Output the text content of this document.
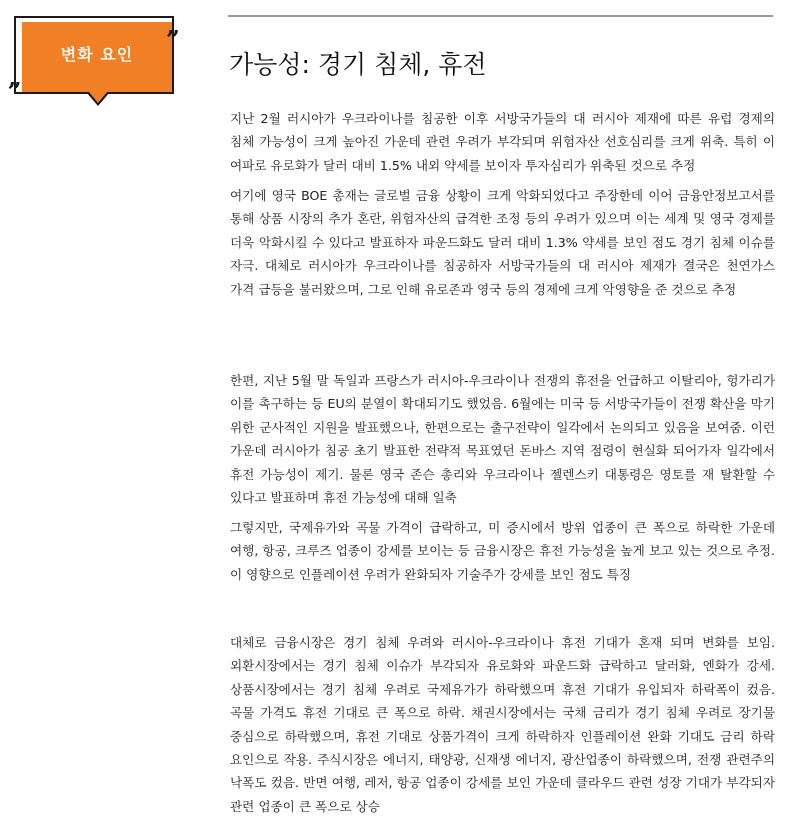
변화 요인
”
„	가능성: 경기 침체, 휴전

지난 2월 러시아가 우크라이나를 침공한 이후 서방국가들의 대 러시아 제재에 따른 유럽 경제의 침체 가능성이 크게 높아진 가운데 관련 우려가 부각되며 위험자산 선호심리를 크게 위축. 특히 이 여파로 유로화가 달러 대비 1.5% 내외 약세를 보이자 투자심리가 위축된 것으로 추정

여기에 영국 BOE 총재는 글로벌 금융 상황이 크게 악화되었다고 주장한데 이어 금융안정보고서를 통해 상품 시장의 추가 혼란, 위험자산의 급격한 조정 등의 우려가 있으며 이는 세계 및 영국 경제를 더욱 악화시킬 수 있다고 발표하자 파운드화도 달러 대비 1.3% 약세를 보인 점도 경기 침체 이슈를 자극. 대체로 러시아가 우크라이나를 침공하자 서방국가들의 대 러시아 제재가 결국은 천연가스 가격 급등을 불러왔으며, 그로 인해 유로존과 영국 등의 경제에 크게 악영향을 준 것으로 추정

한편, 지난 5월 말 독일과 프랑스가 러시아-우크라이나 전쟁의 휴전을 언급하고 이탈리아, 헝가리가 이를 촉구하는 등 EU의 분열이 확대되기도 했었음. 6월에는 미국 등 서방국가들이 전쟁 확산을 막기 위한 군사적인 지원을 발표했으나, 한편으로는 출구전략이 일각에서 논의되고 있음을 보여줌. 이런 가운데 러시아가 침공 초기 발표한 전략적 목표였던 돈바스 지역 점령이 현실화 되어가자 일각에서 휴전 가능성이 제기. 물론 영국 존슨 총리와 우크라이나 젤렌스키 대통령은 영토를 재 탈환할 수 있다고 발표하며 휴전 가능성에 대해 일축

그렇지만, 국제유가와 곡물 가격이 급락하고, 미 증시에서 방위 업종이 큰 폭으로 하락한 가운데 여행, 항공, 크루즈 업종이 강세를 보이는 등 금융시장은 휴전 가능성을 높게 보고 있는 것으로 추정. 이 영향으로 인플레이션 우려가 완화되자 기술주가 강세를 보인 점도 특징

대체로 금융시장은 경기 침체 우려와 러시아-우크라이나 휴전 기대가 혼재 되며 변화를 보임. 외환시장에서는 경기 침체 이슈가 부각되자 유로화와 파운드화 급락하고 달러화, 엔화가 강세. 상품시장에서는 경기 침체 우려로 국제유가가 하락했으며 휴전 기대가 유입되자 하락폭이 컸음. 곡물 가격도 휴전 기대로 큰 폭으로 하락. 채권시장에서는 국채 금리가 경기 침체 우려로 장기물 중심으로 하락했으며, 휴전 기대로 상품가격이 크게 하락하자 인플레이션 완화 기대도 금리 하락 요인으로 작용. 주식시장은 에너지, 태양광, 신재생 에너지, 광산업종이 하락했으며, 전쟁 관련주의 낙폭도 컸음. 반면 여행, 레저, 항공 업종이 강세를 보인 가운데 클라우드 관련 성장 기대가 부각되자 관련 업종이 큰 폭으로 상승
